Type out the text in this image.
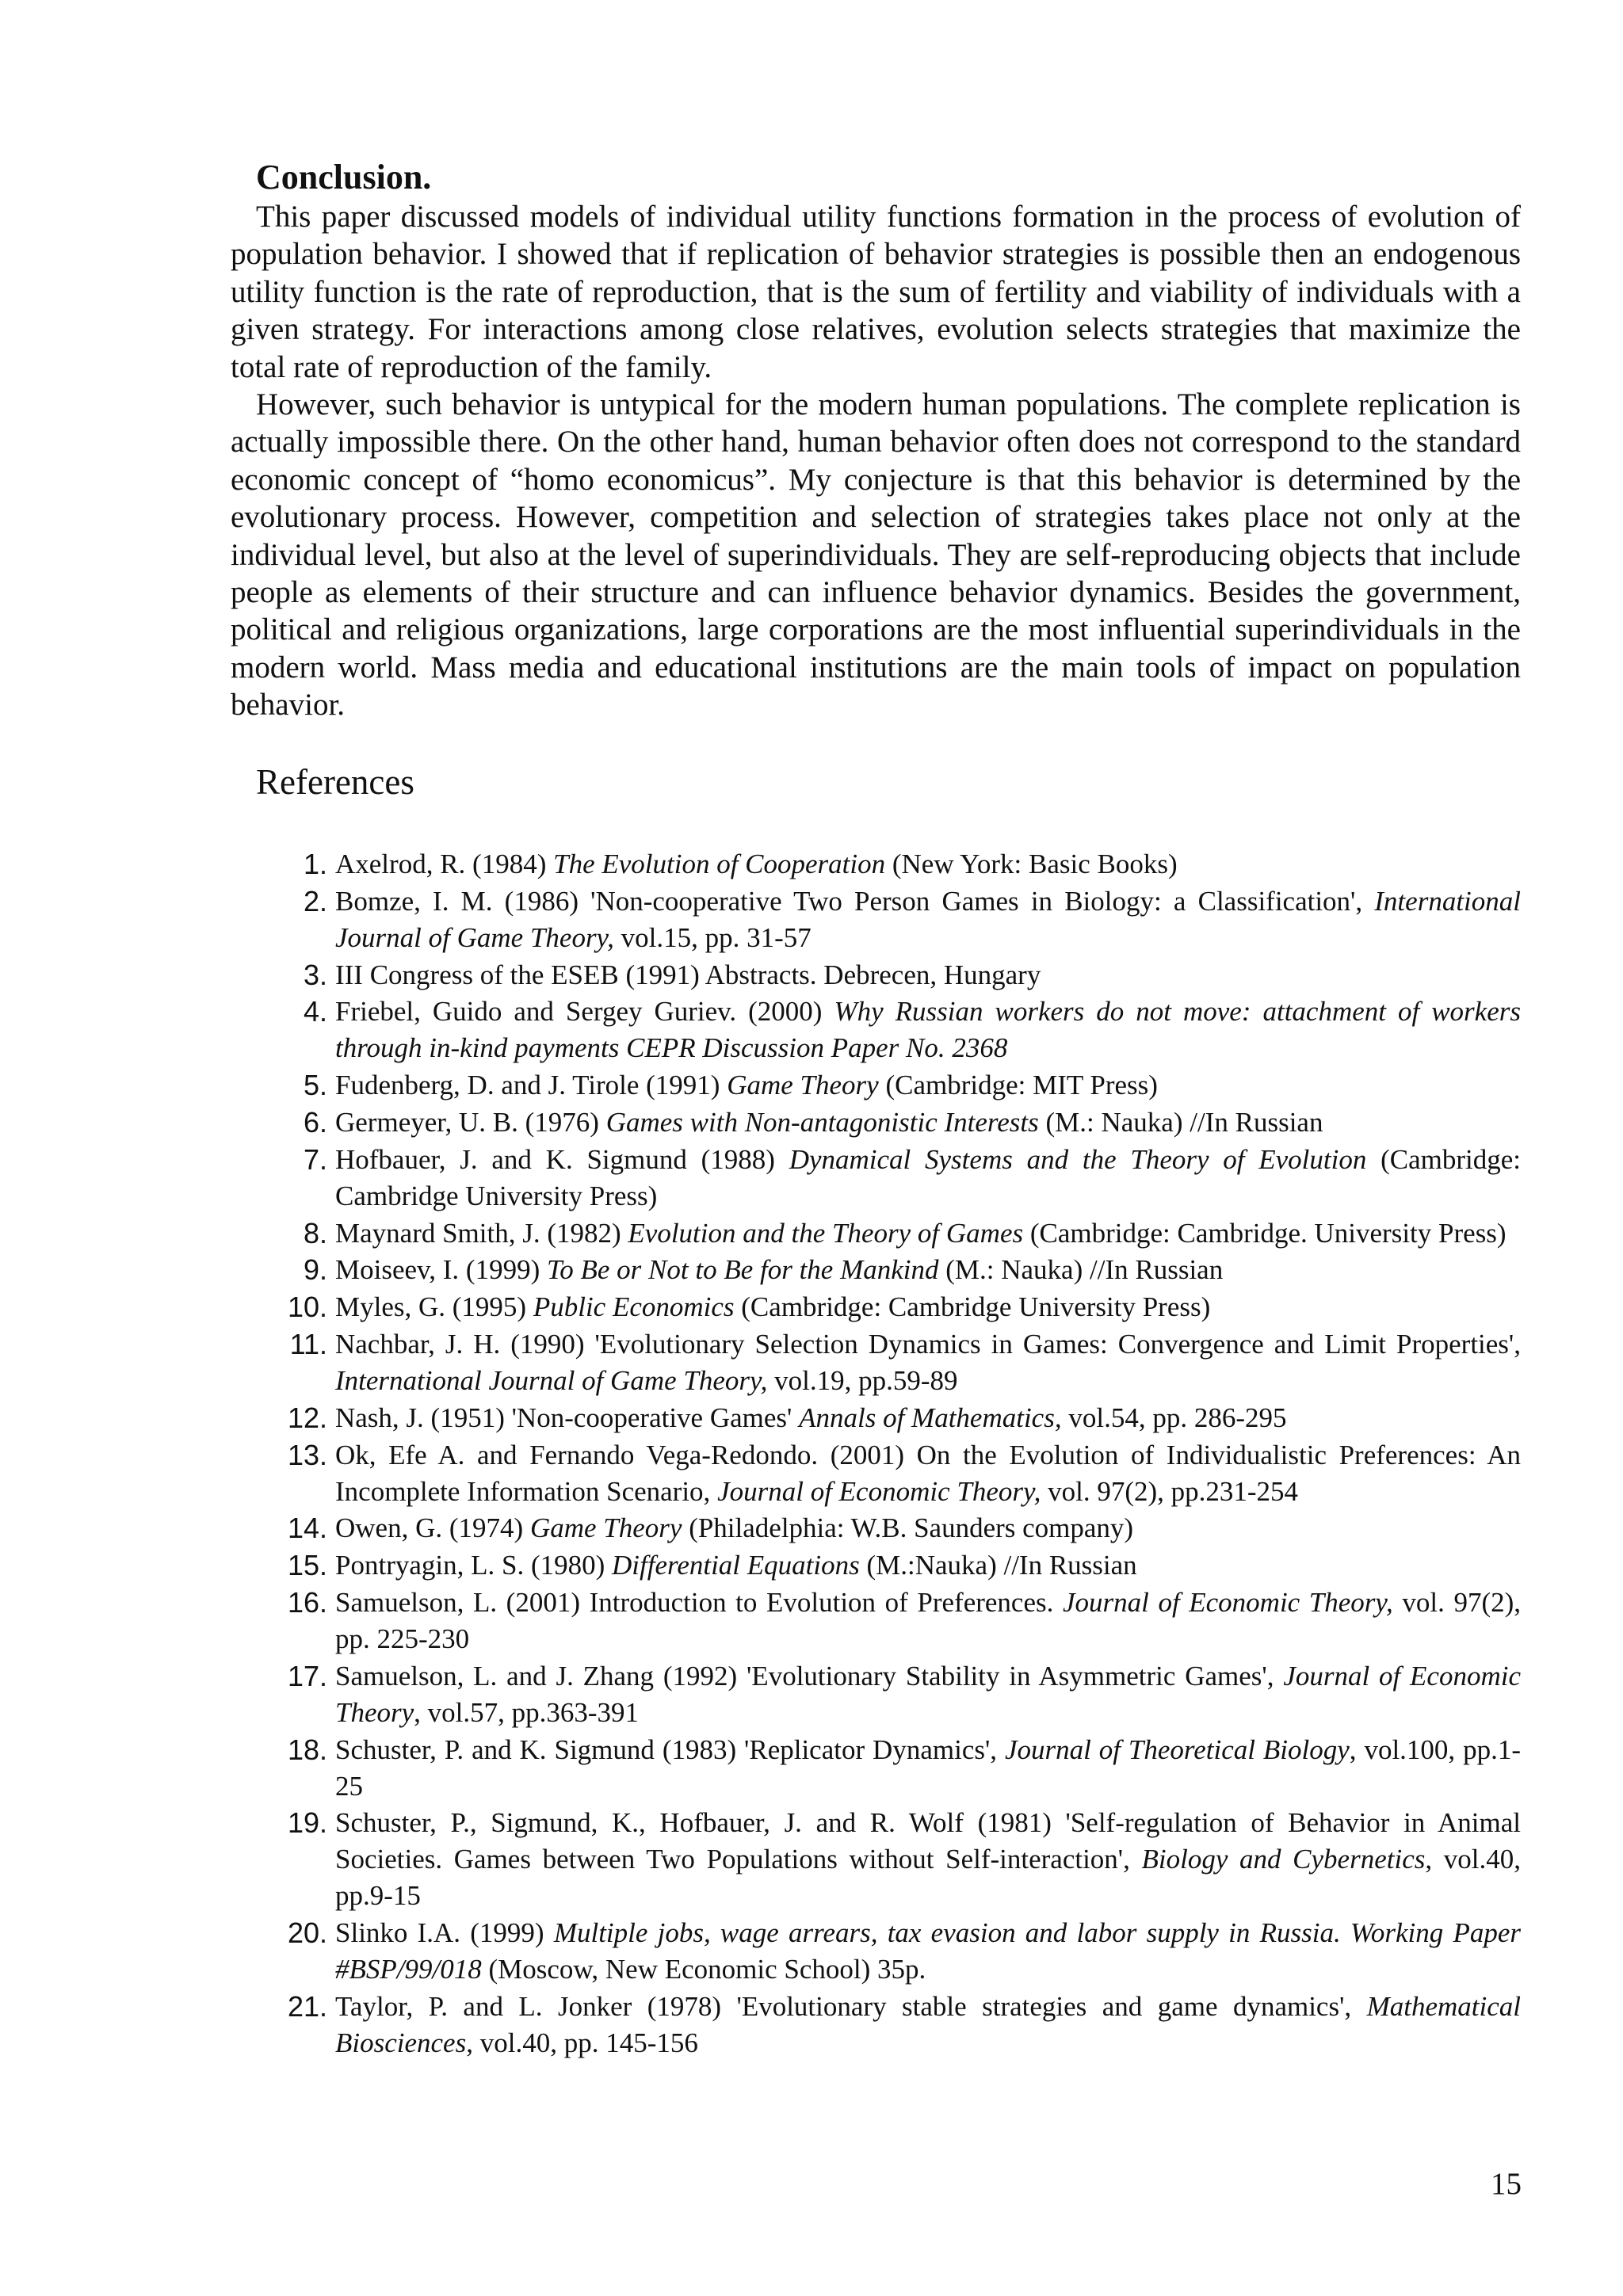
Conclusion.

This paper discussed models of individual utility functions formation in the process of evolution of population behavior. I showed that if replication of behavior strategies is possible then an endogenous utility function is the rate of reproduction, that is the sum of fertility and viability of individuals with a given strategy. For interactions among close relatives, evolution selects strategies that maximize the total rate of reproduction of the family.

However, such behavior is untypical for the modern human populations. The complete replication is actually impossible there. On the other hand, human behavior often does not correspond to the standard economic concept of “homo economicus”. My conjecture is that this behavior is determined by the evolutionary process. However, competition and selection of strategies takes place not only at the individual level, but also at the level of superindividuals. They are self-reproducing objects that include people as elements of their structure and can influence behavior dynamics. Besides the government, political and religious organizations, large corporations are the most influential superindividuals in the modern world. Mass media and educational institutions are the main tools of impact on population behavior.

References
1. Axelrod, R. (1984) The Evolution of Cooperation (New York: Basic Books)
2. Bomze, I. M. (1986) 'Non-cooperative Two Person Games in Biology: a Classification', International Journal of Game Theory, vol.15, pp. 31-57
3. III Congress of the ESEB (1991) Abstracts. Debrecen, Hungary
4. Friebel, Guido and Sergey Guriev. (2000) Why Russian workers do not move: attachment of workers through in-kind payments CEPR Discussion Paper No. 2368
5. Fudenberg, D. and J. Tirole (1991) Game Theory (Cambridge: MIT Press)
6. Germeyer, U. B. (1976) Games with Non-antagonistic Interests (M.: Nauka) //In Russian
7. Hofbauer, J. and K. Sigmund (1988) Dynamical Systems and the Theory of Evolution (Cambridge: Cambridge University Press)
8. Maynard Smith, J. (1982) Evolution and the Theory of Games (Cambridge: Cambridge. University Press)
9. Moiseev, I. (1999) To Be or Not to Be for the Mankind (M.: Nauka) //In Russian
10. Myles, G. (1995) Public Economics (Cambridge: Cambridge University Press)
11. Nachbar, J. H. (1990) 'Evolutionary Selection Dynamics in Games: Convergence and Limit Properties', International Journal of Game Theory, vol.19, pp.59-89
12. Nash, J. (1951) 'Non-cooperative Games' Annals of Mathematics, vol.54, pp. 286-295
13. Ok, Efe A. and Fernando Vega-Redondo. (2001) On the Evolution of Individualistic Preferences: An Incomplete Information Scenario, Journal of Economic Theory, vol. 97(2), pp.231-254
14. Owen, G. (1974) Game Theory (Philadelphia: W.B. Saunders company)
15. Pontryagin, L. S. (1980) Differential Equations (M.:Nauka) //In Russian
16. Samuelson, L. (2001) Introduction to Evolution of Preferences. Journal of Economic Theory, vol. 97(2), pp. 225-230
17. Samuelson, L. and J. Zhang (1992) 'Evolutionary Stability in Asymmetric Games', Journal of Economic Theory, vol.57, pp.363-391
18. Schuster, P. and K. Sigmund (1983) 'Replicator Dynamics', Journal of Theoretical Biology, vol.100, pp.1-25
19. Schuster, P., Sigmund, K., Hofbauer, J. and R. Wolf (1981) 'Self-regulation of Behavior in Animal Societies. Games between Two Populations without Self-interaction', Biology and Cybernetics, vol.40, pp.9-15
20. Slinko I.A. (1999) Multiple jobs, wage arrears, tax evasion and labor supply in Russia. Working Paper #BSP/99/018 (Moscow, New Economic School) 35p.
21. Taylor, P. and L. Jonker (1978) 'Evolutionary stable strategies and game dynamics', Mathematical Biosciences, vol.40, pp. 145-156
15
